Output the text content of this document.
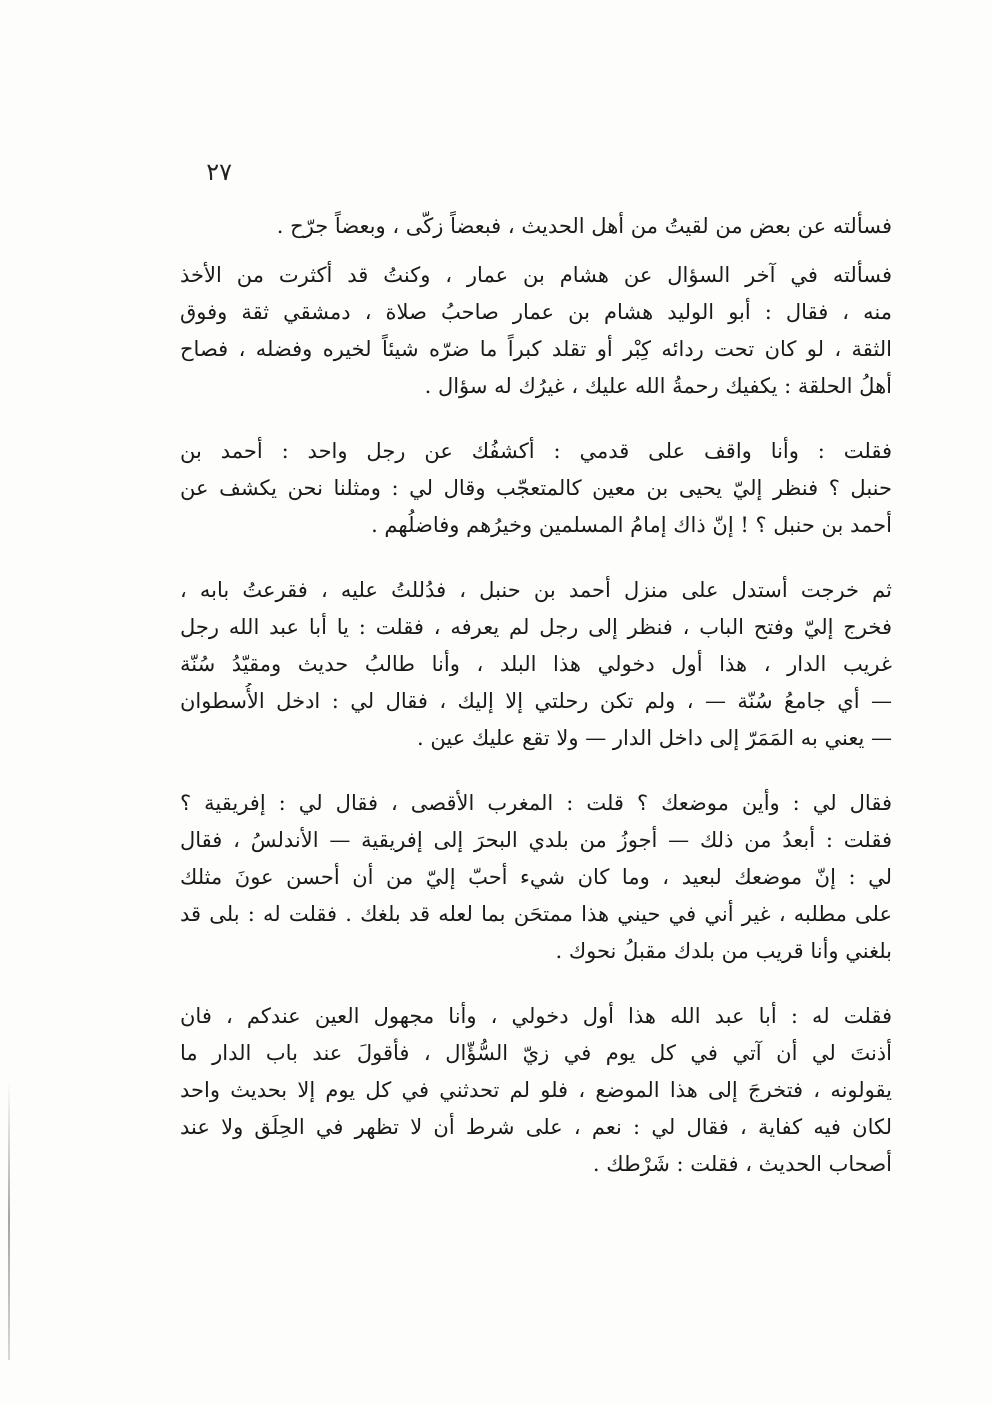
٢٧
فسألته عن بعض من لقيتُ من أهل الحديث ، فبعضاً زكّى ، وبعضاً جرّح .
فسألته في آخر السؤال عن هشام بن عمار ، وكنتُ قد أكثرت من الأخذ
منه ، فقال : أبو الوليد هشام بن عمار صاحبُ صلاة ، دمشقي ثقة وفوق
الثقة ، لو كان تحت ردائه كِبْر أو تقلد كبراً ما ضرّه شيئاً لخيره وفضله ، فصاح
أهلُ الحلقة : يكفيك رحمةُ الله عليك ، غيرُك له سؤال .
فقلت : وأنا واقف على قدمي : أكشفُك عن رجل واحد : أحمد بن
حنبل ؟ فنظر إليّ يحيى بن معين كالمتعجّب وقال لي : ومثلنا نحن يكشف عن
أحمد بن حنبل ؟ ! إنّ ذاك إمامُ المسلمين وخيرُهم وفاضلُهم .
ثم خرجت أستدل على منزل أحمد بن حنبل ، فدُللتُ عليه ، فقرعتُ بابه ،
فخرج إليّ وفتح الباب ، فنظر إلى رجل لم يعرفه ، فقلت : يا أبا عبد الله رجل
غريب الدار ، هذا أول دخولي هذا البلد ، وأنا طالبُ حديث ومقيّدُ سُنّة
— أي جامعُ سُنّة — ، ولم تكن رحلتي إلا إليك ، فقال لي : ادخل الأُسطوان
— يعني به المَمَرّ إلى داخل الدار — ولا تقع عليك عين .
فقال لي : وأين موضعك ؟ قلت : المغرب الأقصى ، فقال لي : إفريقية ؟
فقلت : أبعدُ من ذلك — أجوزُ من بلدي البحرَ إلى إفريقية — الأندلسُ ، فقال
لي : إنّ موضعك لبعيد ، وما كان شيء أحبّ إليّ من أن أحسن عونَ مثلك
على مطلبه ، غير أني في حيني هذا ممتحَن بما لعله قد بلغك . فقلت له : بلى قد
بلغني وأنا قريب من بلدك مقبلُ نحوك .
فقلت له : أبا عبد الله هذا أول دخولي ، وأنا مجهول العين عندكم ، فان
أذنتَ لي أن آتي في كل يوم في زيّ السُّؤّال ، فأقولَ عند باب الدار ما
يقولونه ، فتخرجَ إلى هذا الموضع ، فلو لم تحدثني في كل يوم إلا بحديث واحد
لكان فيه كفاية ، فقال لي : نعم ، على شرط أن لا تظهر في الحِلَق ولا عند
أصحاب الحديث ، فقلت : شَرْطك .
